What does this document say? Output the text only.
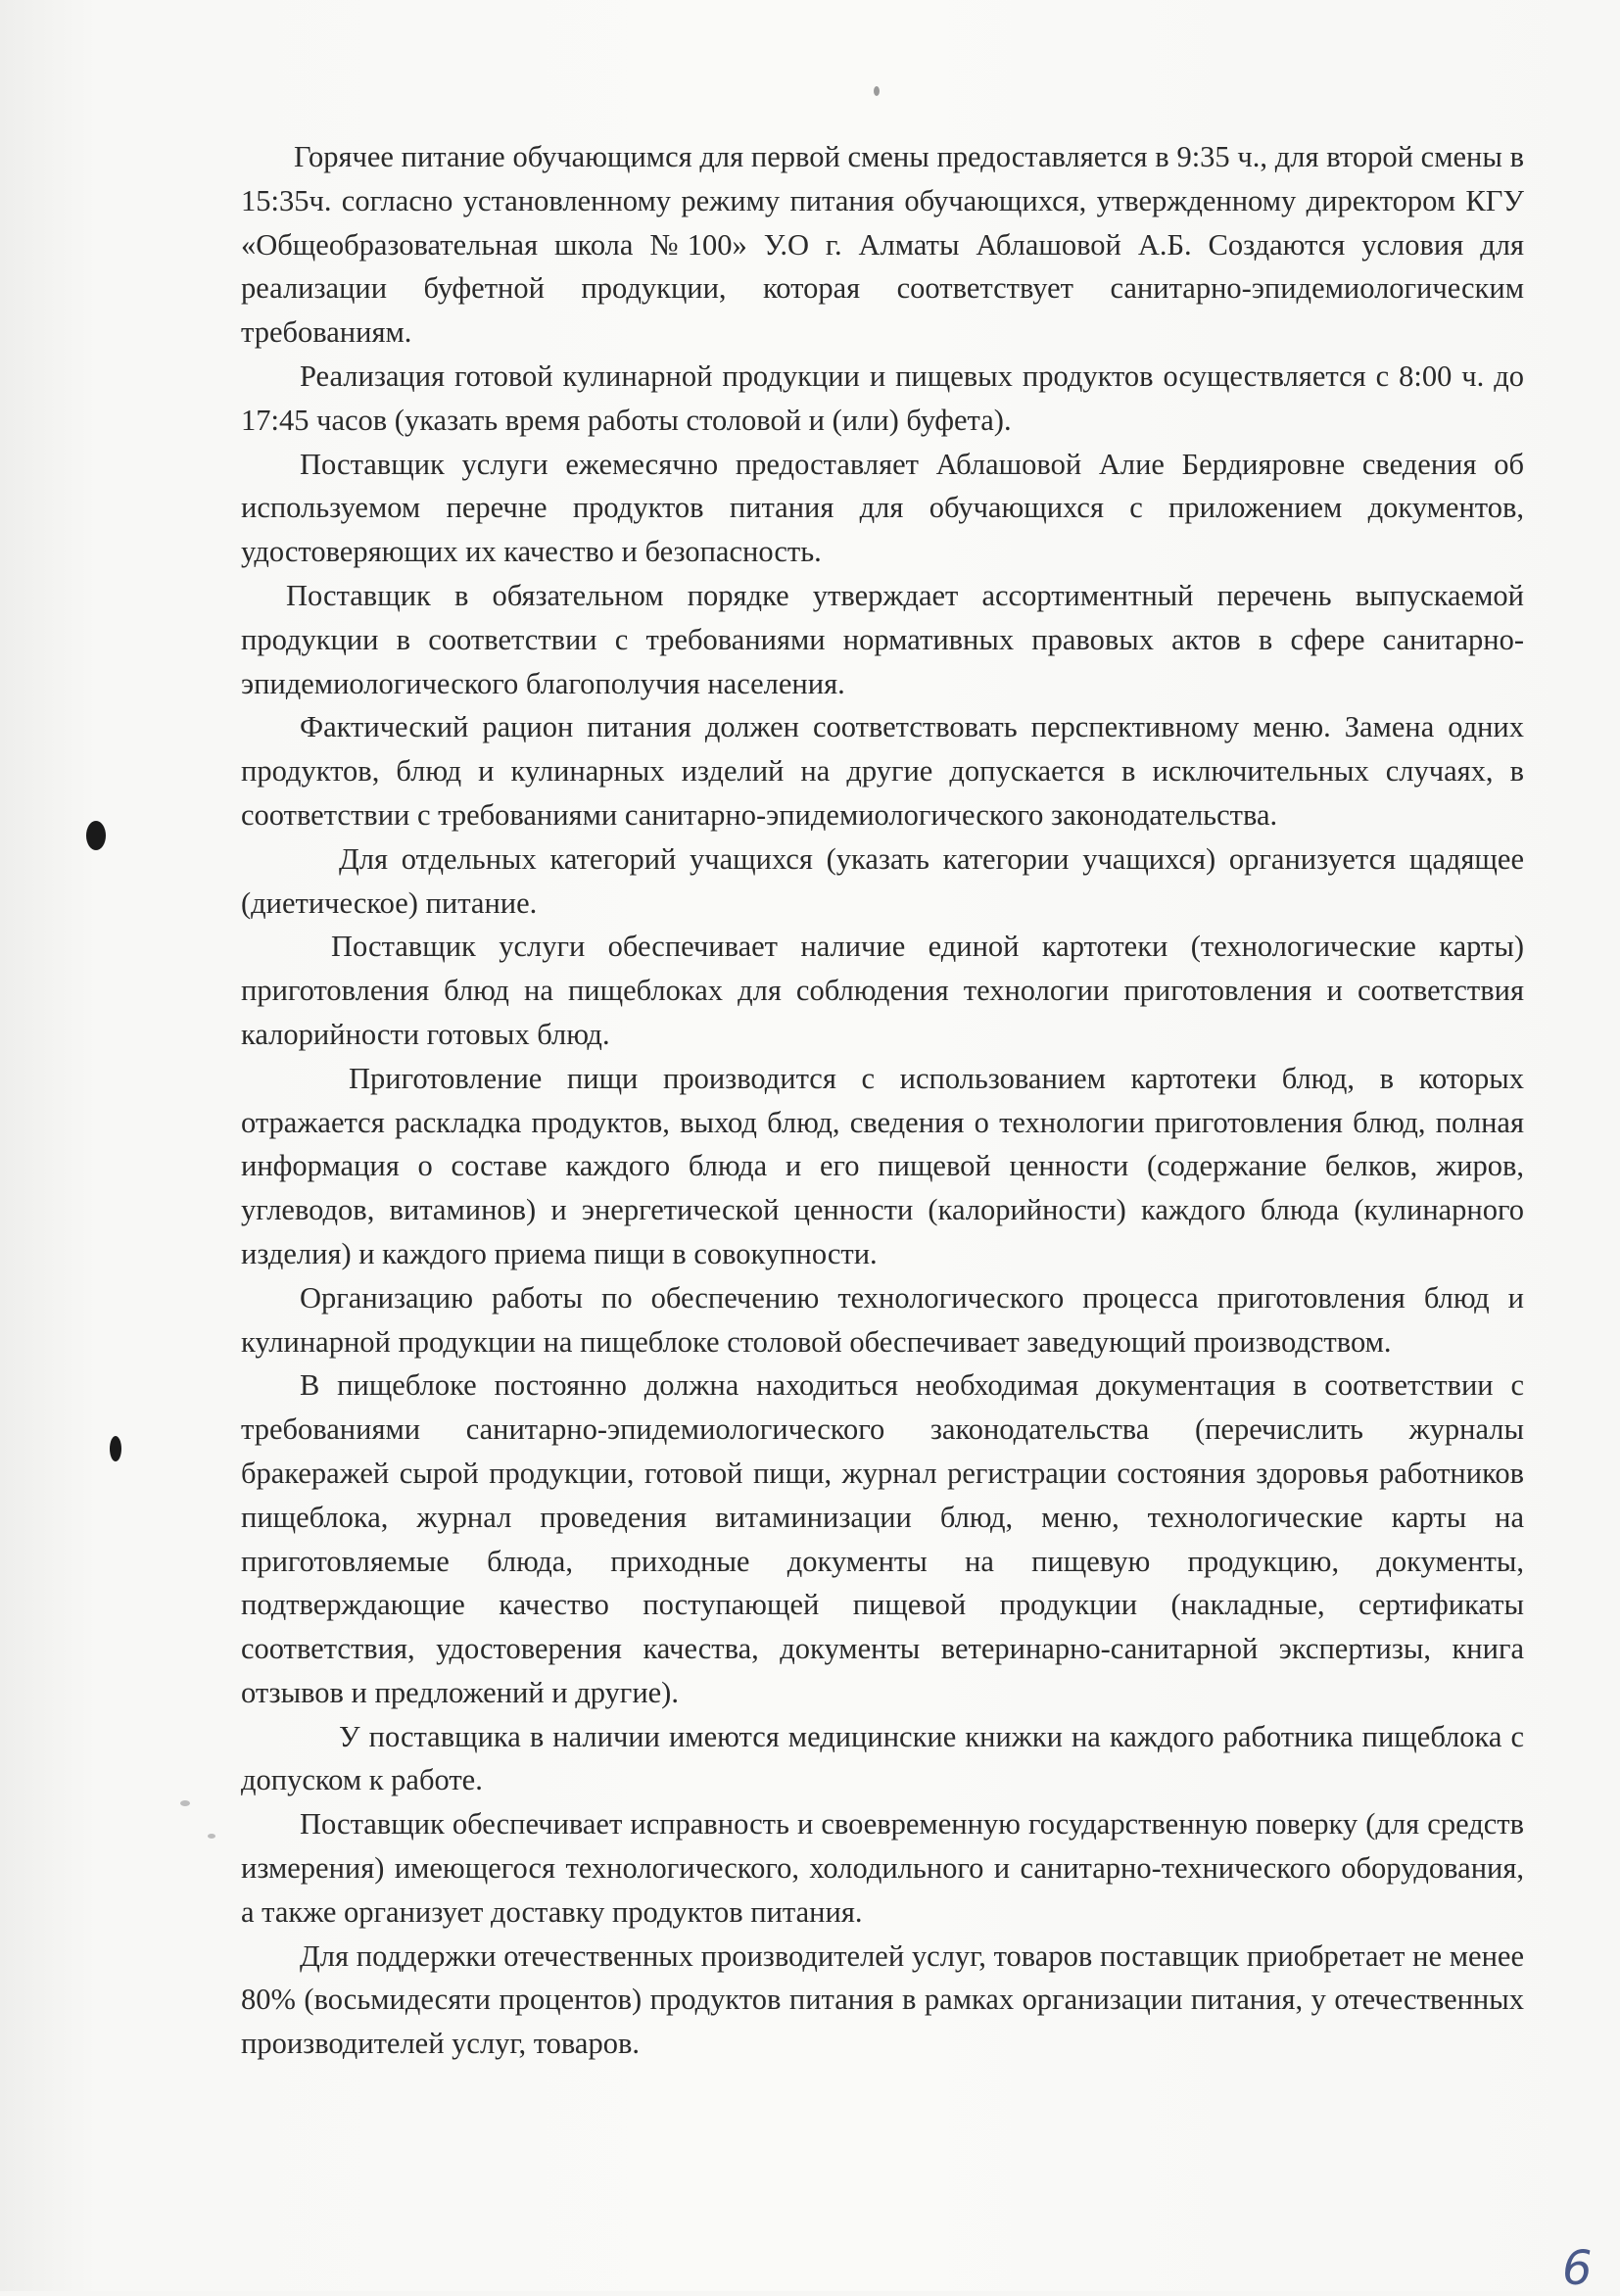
Горячее питание обучающимся для первой смены предоставляется в 9:35 ч., для второй смены в 15:35ч. согласно установленному режиму питания обучающихся, утвержденному директором КГУ «Общеобразовательная школа №100» У.О г. Алматы Аблашовой А.Б. Создаются условия для реализации буфетной продукции, которая соответствует санитарно-эпидемиологическим требованиям.

Реализация готовой кулинарной продукции и пищевых продуктов осуществляется с 8:00 ч. до 17:45 часов (указать время работы столовой и (или) буфета).

Поставщик услуги ежемесячно предоставляет Аблашовой Алие Бердияровне сведения об используемом перечне продуктов питания для обучающихся с приложением документов, удостоверяющих их качество и безопасность.

Поставщик в обязательном порядке утверждает ассортиментный перечень выпускаемой продукции в соответствии с требованиями нормативных правовых актов в сфере санитарно-эпидемиологического благополучия населения.

Фактический рацион питания должен соответствовать перспективному меню. Замена одних продуктов, блюд и кулинарных изделий на другие допускается в исключительных случаях, в соответствии с требованиями санитарно-эпидемиологического законодательства.

Для отдельных категорий учащихся (указать категории учащихся) организуется щадящее (диетическое) питание.

Поставщик услуги обеспечивает наличие единой картотеки (технологические карты) приготовления блюд на пищеблоках для соблюдения технологии приготовления и соответствия калорийности готовых блюд.

Приготовление пищи производится с использованием картотеки блюд, в которых отражается раскладка продуктов, выход блюд, сведения о технологии приготовления блюд, полная информация о составе каждого блюда и его пищевой ценности (содержание белков, жиров, углеводов, витаминов) и энергетической ценности (калорийности) каждого блюда (кулинарного изделия) и каждого приема пищи в совокупности.

Организацию работы по обеспечению технологического процесса приготовления блюд и кулинарной продукции на пищеблоке столовой обеспечивает заведующий производством.

В пищеблоке постоянно должна находиться необходимая документация в соответствии с требованиями санитарно-эпидемиологического законодательства (перечислить журналы бракеражей сырой продукции, готовой пищи, журнал регистрации состояния здоровья работников пищеблока, журнал проведения витаминизации блюд, меню, технологические карты на приготовляемые блюда, приходные документы на пищевую продукцию, документы, подтверждающие качество поступающей пищевой продукции (накладные, сертификаты соответствия, удостоверения качества, документы ветеринарно-санитарной экспертизы, книга отзывов и предложений и другие).

У поставщика в наличии имеются медицинские книжки на каждого работника пищеблока с допуском к работе.

Поставщик обеспечивает исправность и своевременную государственную поверку (для средств измерения) имеющегося технологического, холодильного и санитарно-технического оборудования, а также организует доставку продуктов питания.

Для поддержки отечественных производителей услуг, товаров поставщик приобретает не менее 80% (восьмидесяти процентов) продуктов питания в рамках организации питания, у отечественных производителей услуг, товаров.

6
